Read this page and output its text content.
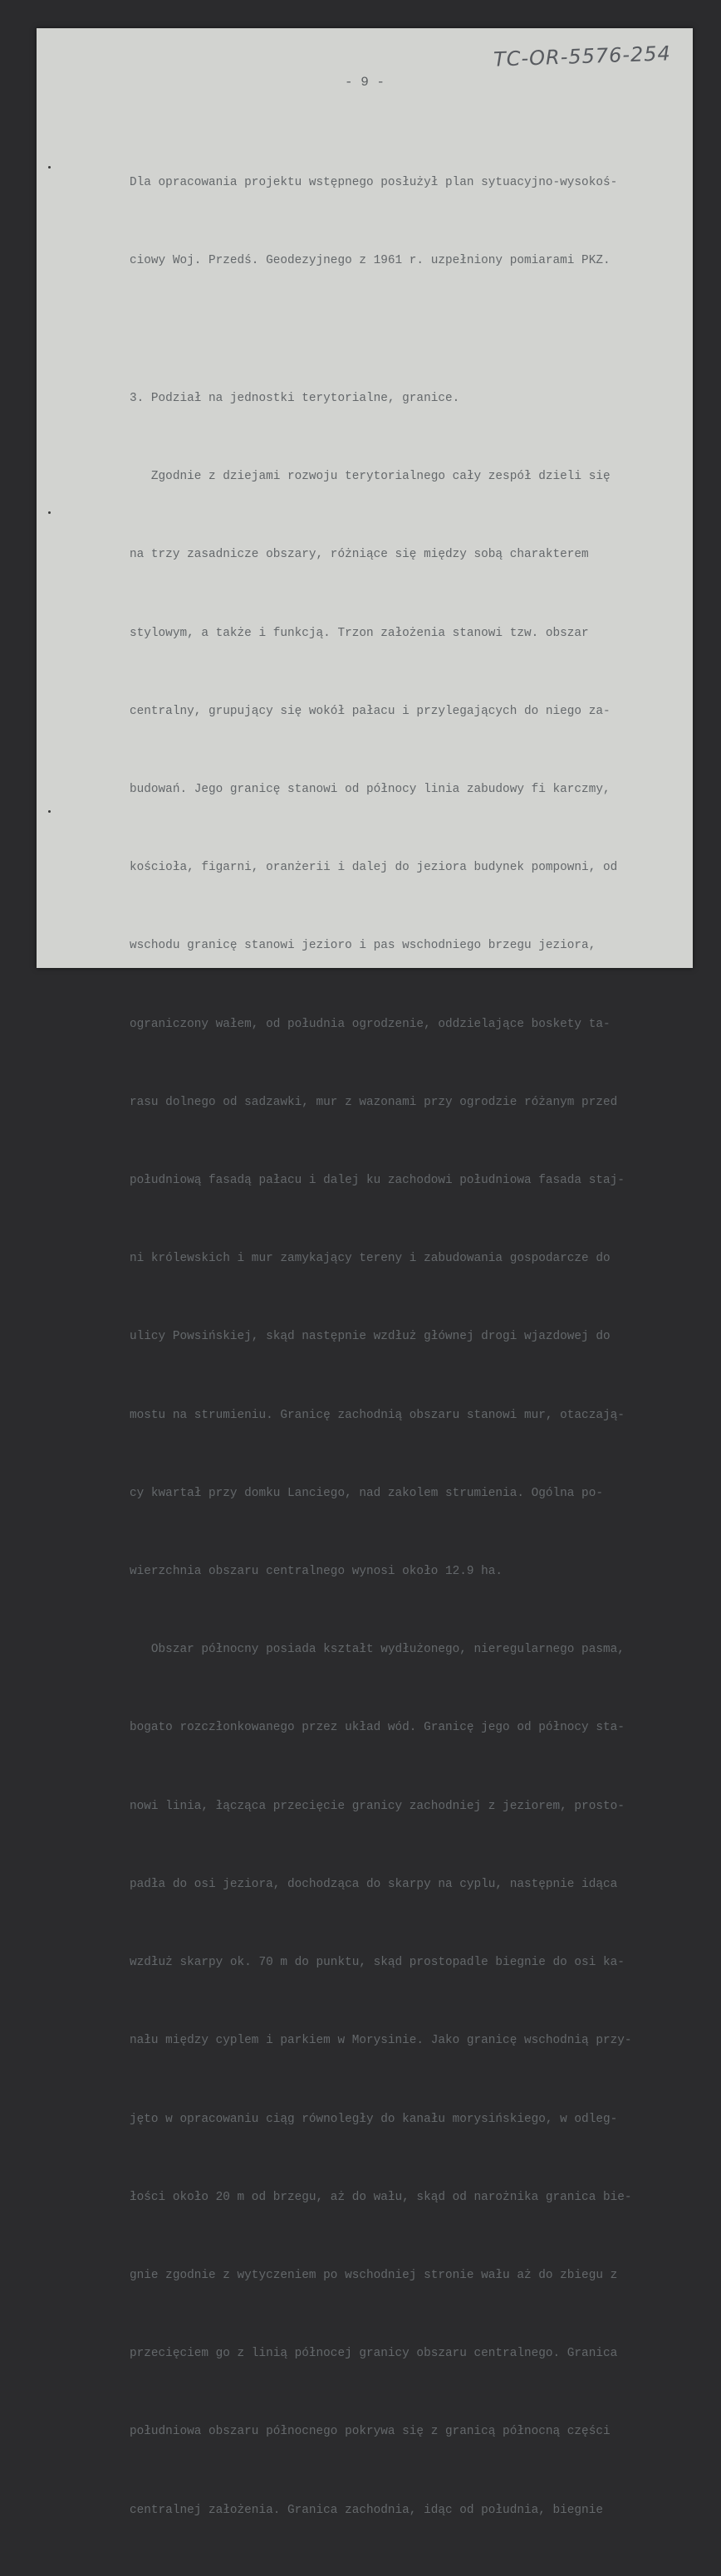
TC-OR-5576-254
- 9 -

Dla opracowania projektu wstępnego posłużył plan sytuacyjno-wysokoś-

ciowy Woj. Przedś. Geodezyjnego z 1961 r. uzpełniony pomiarami PKZ.

3. Podział na jednostki terytorialne, granice.

Zgodnie z dziejami rozwoju terytorialnego cały zespół dzieli się

na trzy zasadnicze obszary, różniące się między sobą charakterem

stylowym, a także i funkcją. Trzon założenia stanowi tzw. obszar

centralny, grupujący się wokół pałacu i przylegających do niego za-

budowań. Jego granicę stanowi od północy linia zabudowy fi karczmy,

kościoła, figarni, oranżerii i dalej do jeziora budynek pompowni, od

wschodu granicę stanowi jezioro i pas wschodniego brzegu jeziora,

ograniczony wałem, od południa ogrodzenie, oddzielające boskety ta-

rasu dolnego od sadzawki, mur z wazonami przy ogrodzie różanym przed

południową fasadą pałacu i dalej ku zachodowi południowa fasada staj-

ni królewskich i mur zamykający tereny i zabudowania gospodarcze do

ulicy Powsińskiej, skąd następnie wzdłuż głównej drogi wjazdowej do

mostu na strumieniu. Granicę zachodnią obszaru stanowi mur, otaczają-

cy kwartał przy domku Lanciego, nad zakolem strumienia. Ogólna po-

wierzchnia obszaru centralnego wynosi około 12.9 ha.

Obszar północny posiada kształt wydłużonego, nieregularnego pasma,

bogato rozczłonkowanego przez układ wód. Granicę jego od północy sta-

nowi linia, łącząca przecięcie granicy zachodniej z jeziorem, prosto-

padła do osi jeziora, dochodząca do skarpy na cyplu, następnie idąca

wzdłuż skarpy ok. 70 m do punktu, skąd prostopadle biegnie do osi ka-

nału między cyplem i parkiem w Morysinie. Jako granicę wschodnią przy-

jęto w opracowaniu ciąg równoległy do kanału morysińskiego, w odleg-

łości około 20 m od brzegu, aż do wału, skąd od narożnika granica bie-

gnie zgodnie z wytyczeniem po wschodniej stronie wału aż do zbiegu z

przecięciem go z linią północej granicy obszaru centralnego. Granica

południowa obszaru północnego pokrywa się z granicą północną części

centralnej założenia. Granica zachodnia, idąc od południa, biegnie
